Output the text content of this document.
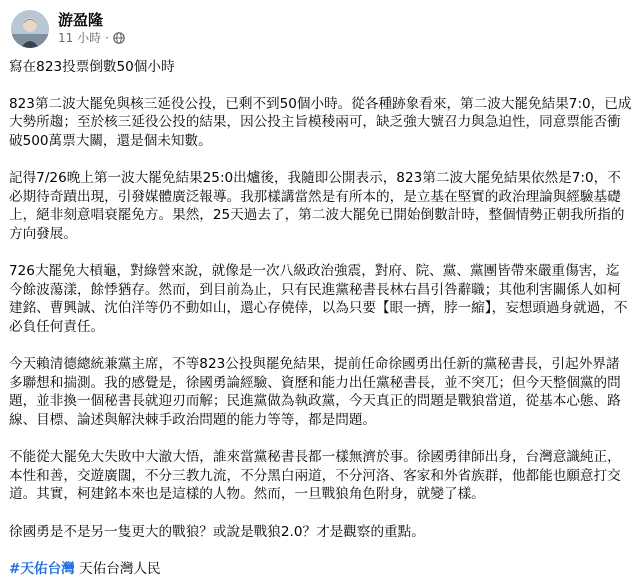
游盈隆
11 小時 ·

寫在823投票倒數50個小時

823第二波大罷免與核三延役公投，已剩不到50個小時。從各種跡象看來，第二波大罷免結果7:0，已成大勢所趨；至於核三延役公投的結果，因公投主旨模稜兩可，缺乏強大號召力與急迫性，同意票能否衝破500萬票大關，還是個未知數。

記得7/26晚上第一波大罷免結果25:0出爐後，我隨即公開表示，823第二波大罷免結果依然是7:0，不必期待奇蹟出現，引發媒體廣泛報導。我那樣講當然是有所本的，是立基在堅實的政治理論與經驗基礎上，絕非刻意唱衰罷免方。果然，25天過去了，第二波大罷免已開始倒數計時，整個情勢正朝我所指的方向發展。

726大罷免大槓龜，對綠營來說，就像是一次八級政治強震，對府、院、黨、黨團皆帶來嚴重傷害，迄今餘波蕩漾，餘悸猶存。然而，到目前為止，只有民進黨秘書長林右昌引咎辭職；其他利害關係人如柯建銘、曹興誠、沈伯洋等仍不動如山，還心存僥倖，以為只要【眼一擠，脖一縮】，妄想頭過身就過，不必負任何責任。

今天賴清德總統兼黨主席，不等823公投與罷免結果，提前任命徐國勇出任新的黨秘書長，引起外界諸多聯想和揣測。我的感覺是，徐國勇論經驗、資歷和能力出任黨秘書長，並不突兀；但今天整個黨的問題，並非換一個秘書長就迎刃而解；民進黨做為執政黨，今天真正的問題是戰狼當道，從基本心態、路線、目標、論述與解決棘手政治問題的能力等等，都是問題。

不能從大罷免大失敗中大澈大悟，誰來當黨秘書長都一樣無濟於事。徐國勇律師出身，台灣意識純正，本性和善，交遊廣闊，不分三教九流，不分黑白兩道，不分河洛、客家和外省族群，他都能也願意打交道。其實，柯建銘本來也是這樣的人物。然而，一旦戰狼角色附身，就變了樣。

徐國勇是不是另一隻更大的戰狼？或說是戰狼2.0？才是觀察的重點。

#天佑台灣 天佑台灣人民
